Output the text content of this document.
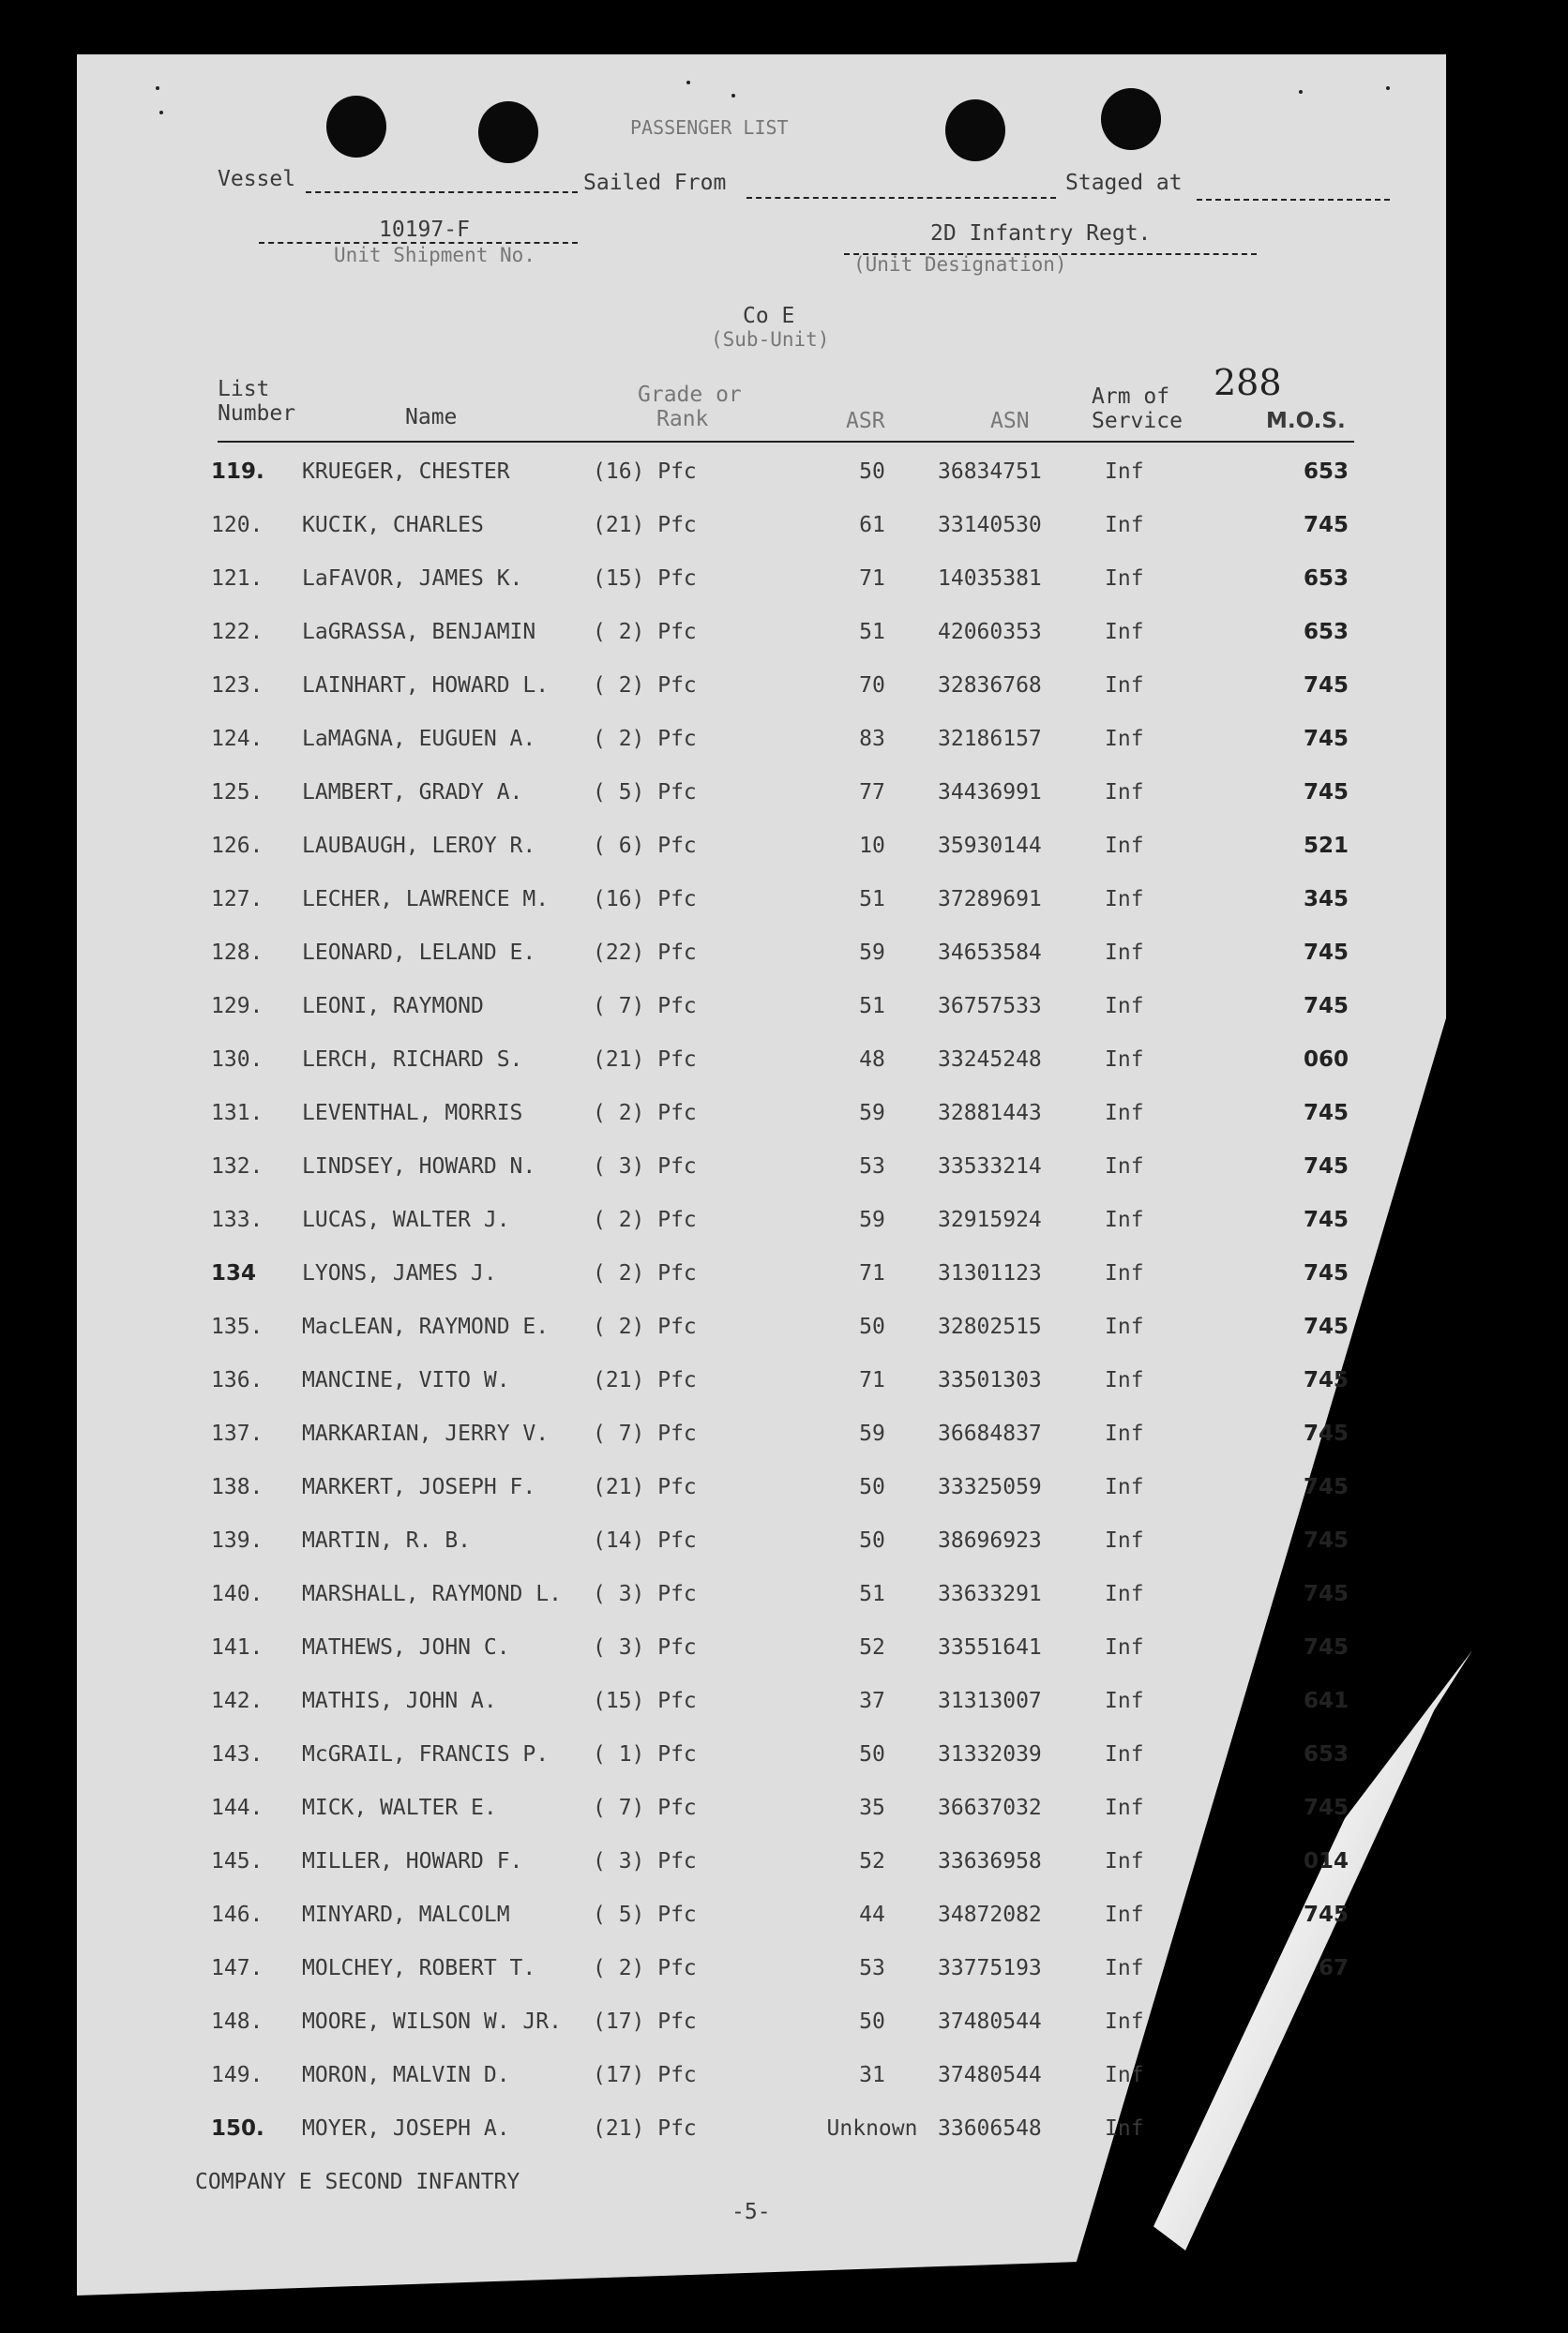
PASSENGER LIST
Vessel	Sailed From	Staged at
10197-F
Unit Shipment No.
2D Infantry Regt.
(Unit Designation)
Co E
(Sub-Unit)
288
List
Number	Name
Grade or
Rank	ASR	ASN
Arm of
Service	M.O.S.
119. KRUEGER, CHESTER	(16) Pfc	50	36834751	Inf	653
120. KUCIK, CHARLES	(21) Pfc	61	33140530	Inf	745
121. LaFAVOR, JAMES K.	(15) Pfc	71	14035381	Inf	653
122. LaGRASSA, BENJAMIN	( 2) Pfc	51	42060353	Inf	653
123. LAINHART, HOWARD L. ( 2) Pfc	70	32836768	Inf	745
124. LaMAGNA, EUGUEN A.	( 2) Pfc	83	32186157	Inf	745
125. LAMBERT, GRADY A.	( 5) Pfc	77	34436991	Inf	745
126. LAUBAUGH, LEROY R.	( 6) Pfc	10	35930144	Inf	521
127. LECHER, LAWRENCE M. (16) Pfc	51	37289691	Inf	345
128. LEONARD, LELAND E.	(22) Pfc	59	34653584	Inf	745
129. LEONI, RAYMOND	( 7) Pfc	51	36757533	Inf	745
130. LERCH, RICHARD S.	(21) Pfc	48	33245248	Inf	060
131. LEVENTHAL, MORRIS	( 2) Pfc	59	32881443	Inf	745
132. LINDSEY, HOWARD N.	( 3) Pfc	53	33533214	Inf	745
133. LUCAS, WALTER J.	( 2) Pfc	59	32915924	Inf	745
134 LYONS, JAMES J.	( 2) Pfc	71	31301123	Inf	745
135. MacLEAN, RAYMOND E. ( 2) Pfc	50	32802515	Inf	745
136. MANCINE, VITO W.	(21) Pfc	71	33501303	Inf	745
137. MARKARIAN, JERRY V. ( 7) Pfc	59	36684837	Inf	745
138. MARKERT, JOSEPH F.	(21) Pfc	50	33325059	Inf	745
139. MARTIN, R. B.	(14) Pfc	50	38696923	Inf	745
140. MARSHALL, RAYMOND L. ( 3) Pfc	51	33633291	Inf	745
141. MATHEWS, JOHN C.	( 3) Pfc	52	33551641	Inf	745
142. MATHIS, JOHN A.	(15) Pfc	37	31313007	Inf	641
143. McGRAIL, FRANCIS P. ( 1) Pfc	50	31332039	Inf	653
144. MICK, WALTER E.	( 7) Pfc	35	36637032	Inf	745
145. MILLER, HOWARD F.	( 3) Pfc	52	33636958	Inf	014
146. MINYARD, MALCOLM	( 5) Pfc	44	34872082	Inf	745
147. MOLCHEY, ROBERT T.	( 2) Pfc	53	33775193	Inf	67
148. MOORE, WILSON W. JR. (17) Pfc	50	37480544	Inf
149. MORON, MALVIN D.	(17) Pfc	31	37480544	Inf
150. MOYER, JOSEPH A.	(21) Pfc	Unknown 33606548	Inf
COMPANY E SECOND INFANTRY
-5-
